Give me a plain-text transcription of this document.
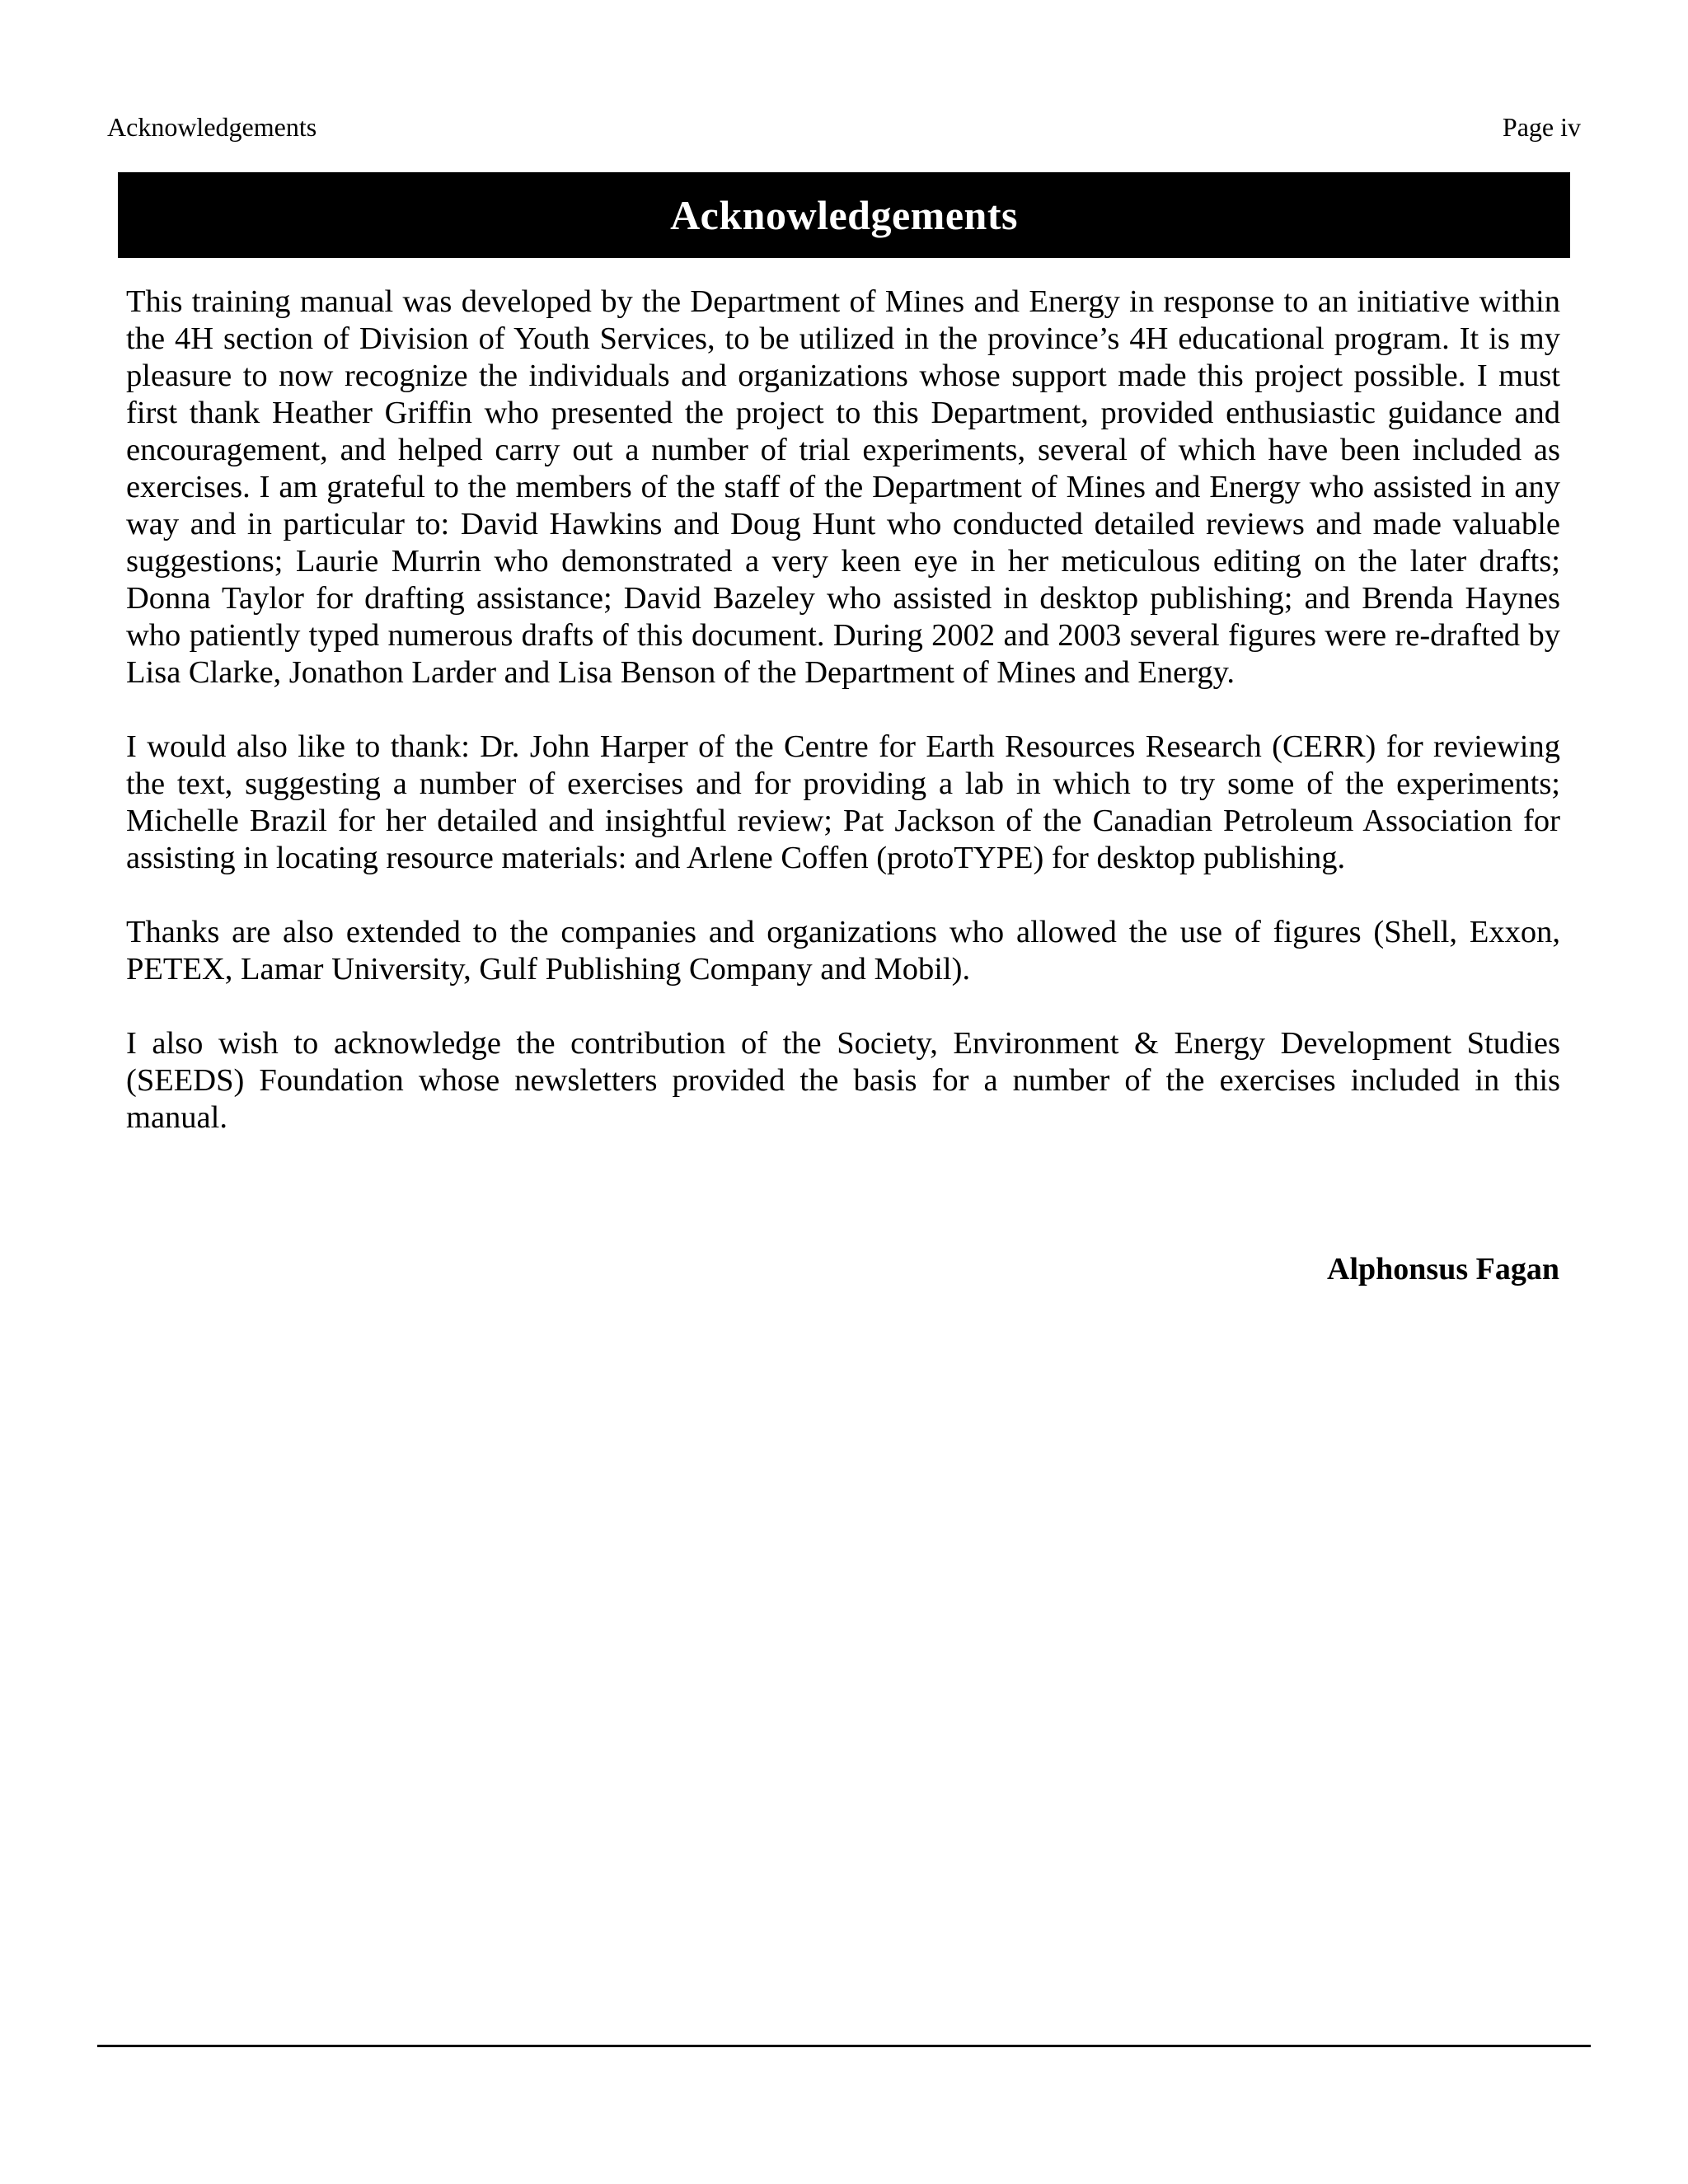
Acknowledgements	Page iv
Acknowledgements

This training manual was developed by the Department of Mines and Energy in response to an initiative within the 4H section of Division of Youth Services, to be utilized in the province’s 4H educational program. It is my pleasure to now recognize the individuals and organizations whose support made this project possible. I must first thank Heather Griffin who presented the project to this Department, provided enthusiastic guidance and encouragement, and helped carry out a number of trial experiments, several of which have been included as exercises. I am grateful to the members of the staff of the Department of Mines and Energy who assisted in any way and in particular to: David Hawkins and Doug Hunt who conducted detailed reviews and made valuable suggestions; Laurie Murrin who demonstrated a very keen eye in her meticulous editing on the later drafts; Donna Taylor for drafting assistance; David Bazeley who assisted in desktop publishing; and Brenda Haynes who patiently typed numerous drafts of this document. During 2002 and 2003 several figures were re-drafted by Lisa Clarke, Jonathon Larder and Lisa Benson of the Department of Mines and Energy.

I would also like to thank: Dr. John Harper of the Centre for Earth Resources Research (CERR) for reviewing the text, suggesting a number of exercises and for providing a lab in which to try some of the experiments; Michelle Brazil for her detailed and insightful review; Pat Jackson of the Canadian Petroleum Association for assisting in locating resource materials: and Arlene Coffen (protoTYPE) for desktop publishing.

Thanks are also extended to the companies and organizations who allowed the use of figures (Shell, Exxon, PETEX, Lamar University, Gulf Publishing Company and Mobil).

I also wish to acknowledge the contribution of the Society, Environment & Energy Development Studies (SEEDS) Foundation whose newsletters provided the basis for a number of the exercises included in this manual.

Alphonsus Fagan
